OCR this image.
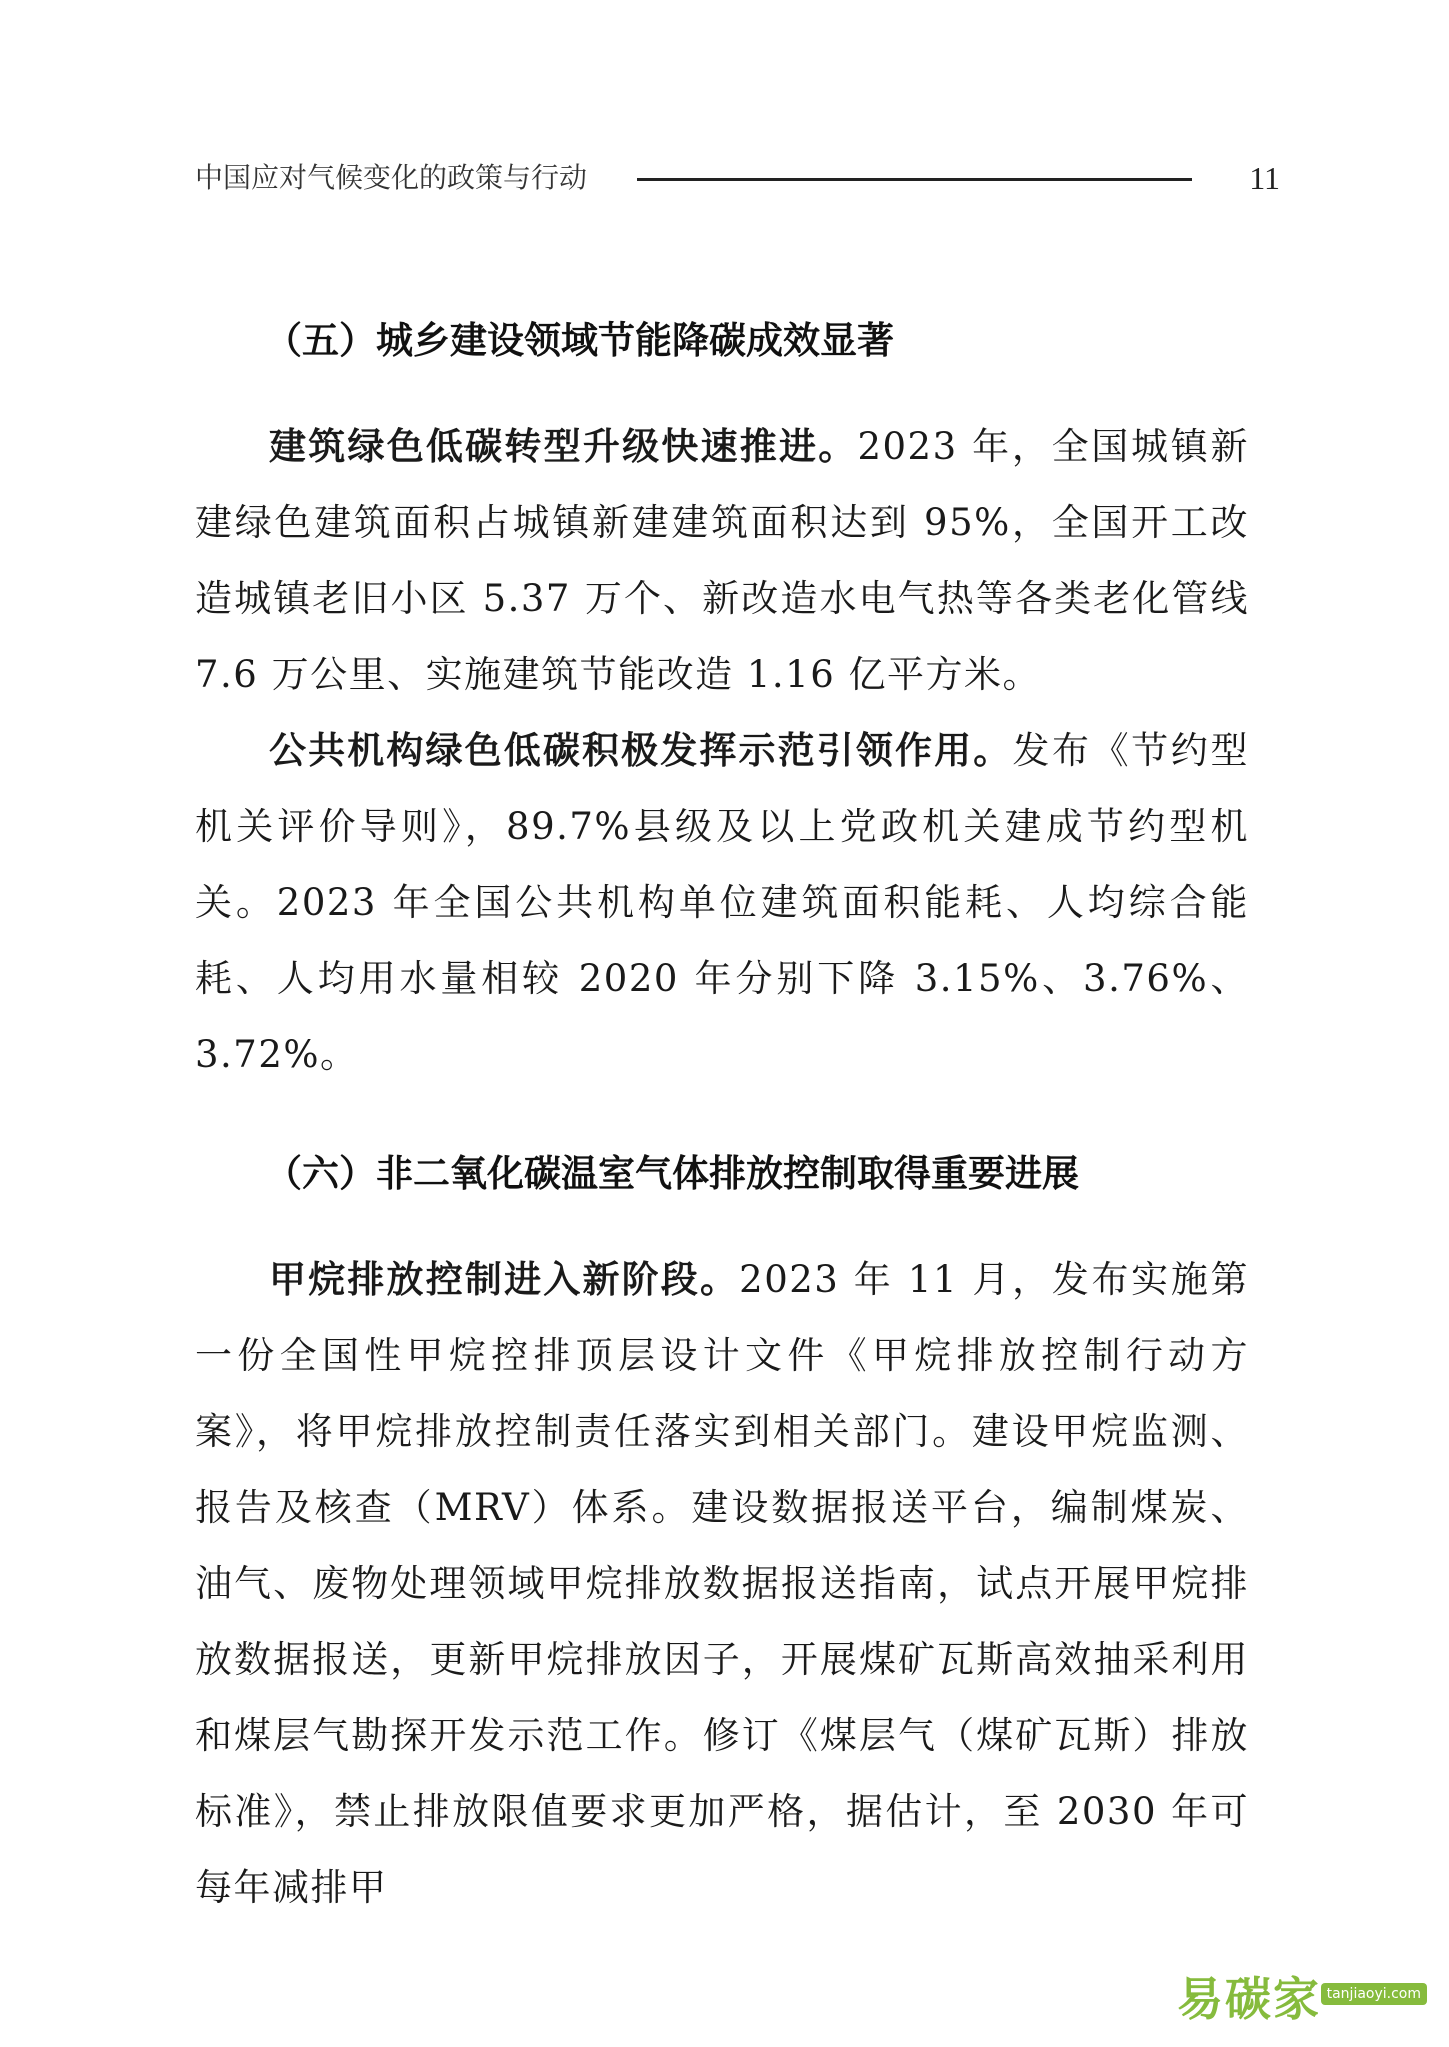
中国应对气候变化的政策与行动	11
（五）城乡建设领域节能降碳成效显著

建筑绿色低碳转型升级快速推进。2023 年，全国城镇新建绿色建筑面积占城镇新建建筑面积达到 95%，全国开工改造城镇老旧小区 5.37 万个、新改造水电气热等各类老化管线 7.6 万公里、实施建筑节能改造 1.16 亿平方米。

公共机构绿色低碳积极发挥示范引领作用。发布《节约型机关评价导则》，89.7%县级及以上党政机关建成节约型机关。2023 年全国公共机构单位建筑面积能耗、人均综合能耗、人均用水量相较 2020 年分别下降 3.15%、3.76%、3.72%。

（六）非二氧化碳温室气体排放控制取得重要进展

甲烷排放控制进入新阶段。2023 年 11 月，发布实施第一份全国性甲烷控排顶层设计文件《甲烷排放控制行动方案》，将甲烷排放控制责任落实到相关部门。建设甲烷监测、报告及核查（MRV）体系。建设数据报送平台，编制煤炭、油气、废物处理领域甲烷排放数据报送指南，试点开展甲烷排放数据报送，更新甲烷排放因子，开展煤矿瓦斯高效抽采利用和煤层气勘探开发示范工作。修订《煤层气（煤矿瓦斯）排放标准》，禁止排放限值要求更加严格，据估计，至 2030 年可每年减排甲

易碳家 tanjiaoyi.com
